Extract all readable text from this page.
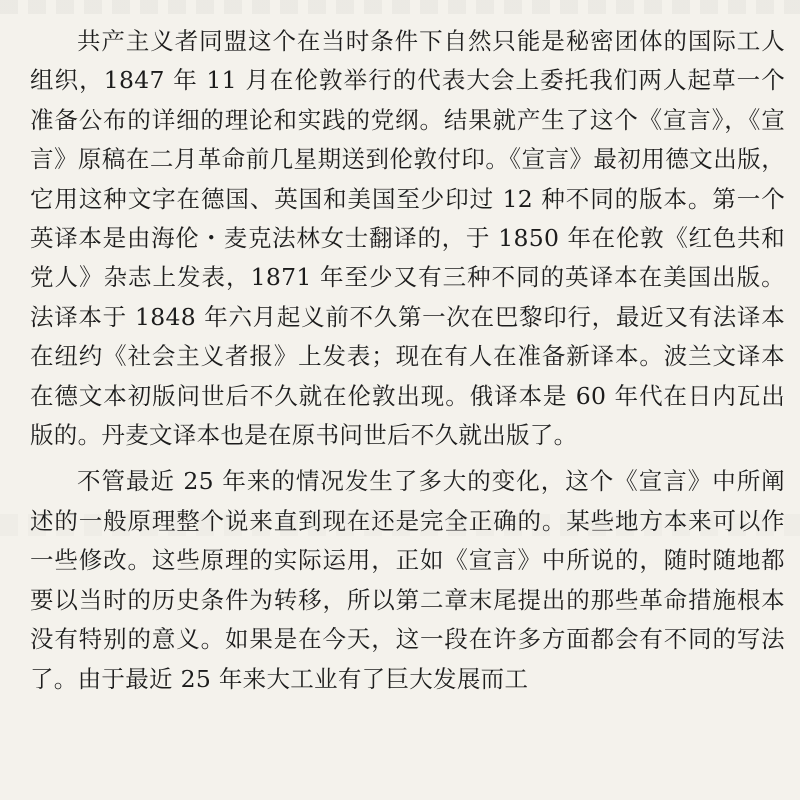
共产主义者同盟这个在当时条件下自然只能是秘密团体的国际工人组织，1847 年 11 月在伦敦举行的代表大会上委托我们两人起草一个准备公布的详细的理论和实践的党纲。结果就产生了这个《宣言》，《宣言》原稿在二月革命前几星期送到伦敦付印。《宣言》最初用德文出版，它用这种文字在德国、英国和美国至少印过 12 种不同的版本。第一个英译本是由海伦・麦克法林女士翻译的，于 1850 年在伦敦《红色共和党人》杂志上发表，1871 年至少又有三种不同的英译本在美国出版。法译本于 1848 年六月起义前不久第一次在巴黎印行，最近又有法译本在纽约《社会主义者报》上发表；现在有人在准备新译本。波兰文译本在德文本初版问世后不久就在伦敦出现。俄译本是 60 年代在日内瓦出版的。丹麦文译本也是在原书问世后不久就出版了。

不管最近 25 年来的情况发生了多大的变化，这个《宣言》中所阐述的一般原理整个说来直到现在还是完全正确的。某些地方本来可以作一些修改。这些原理的实际运用，正如《宣言》中所说的，随时随地都要以当时的历史条件为转移，所以第二章末尾提出的那些革命措施根本没有特别的意义。如果是在今天，这一段在许多方面都会有不同的写法了。由于最近 25 年来大工业有了巨大发展而工
